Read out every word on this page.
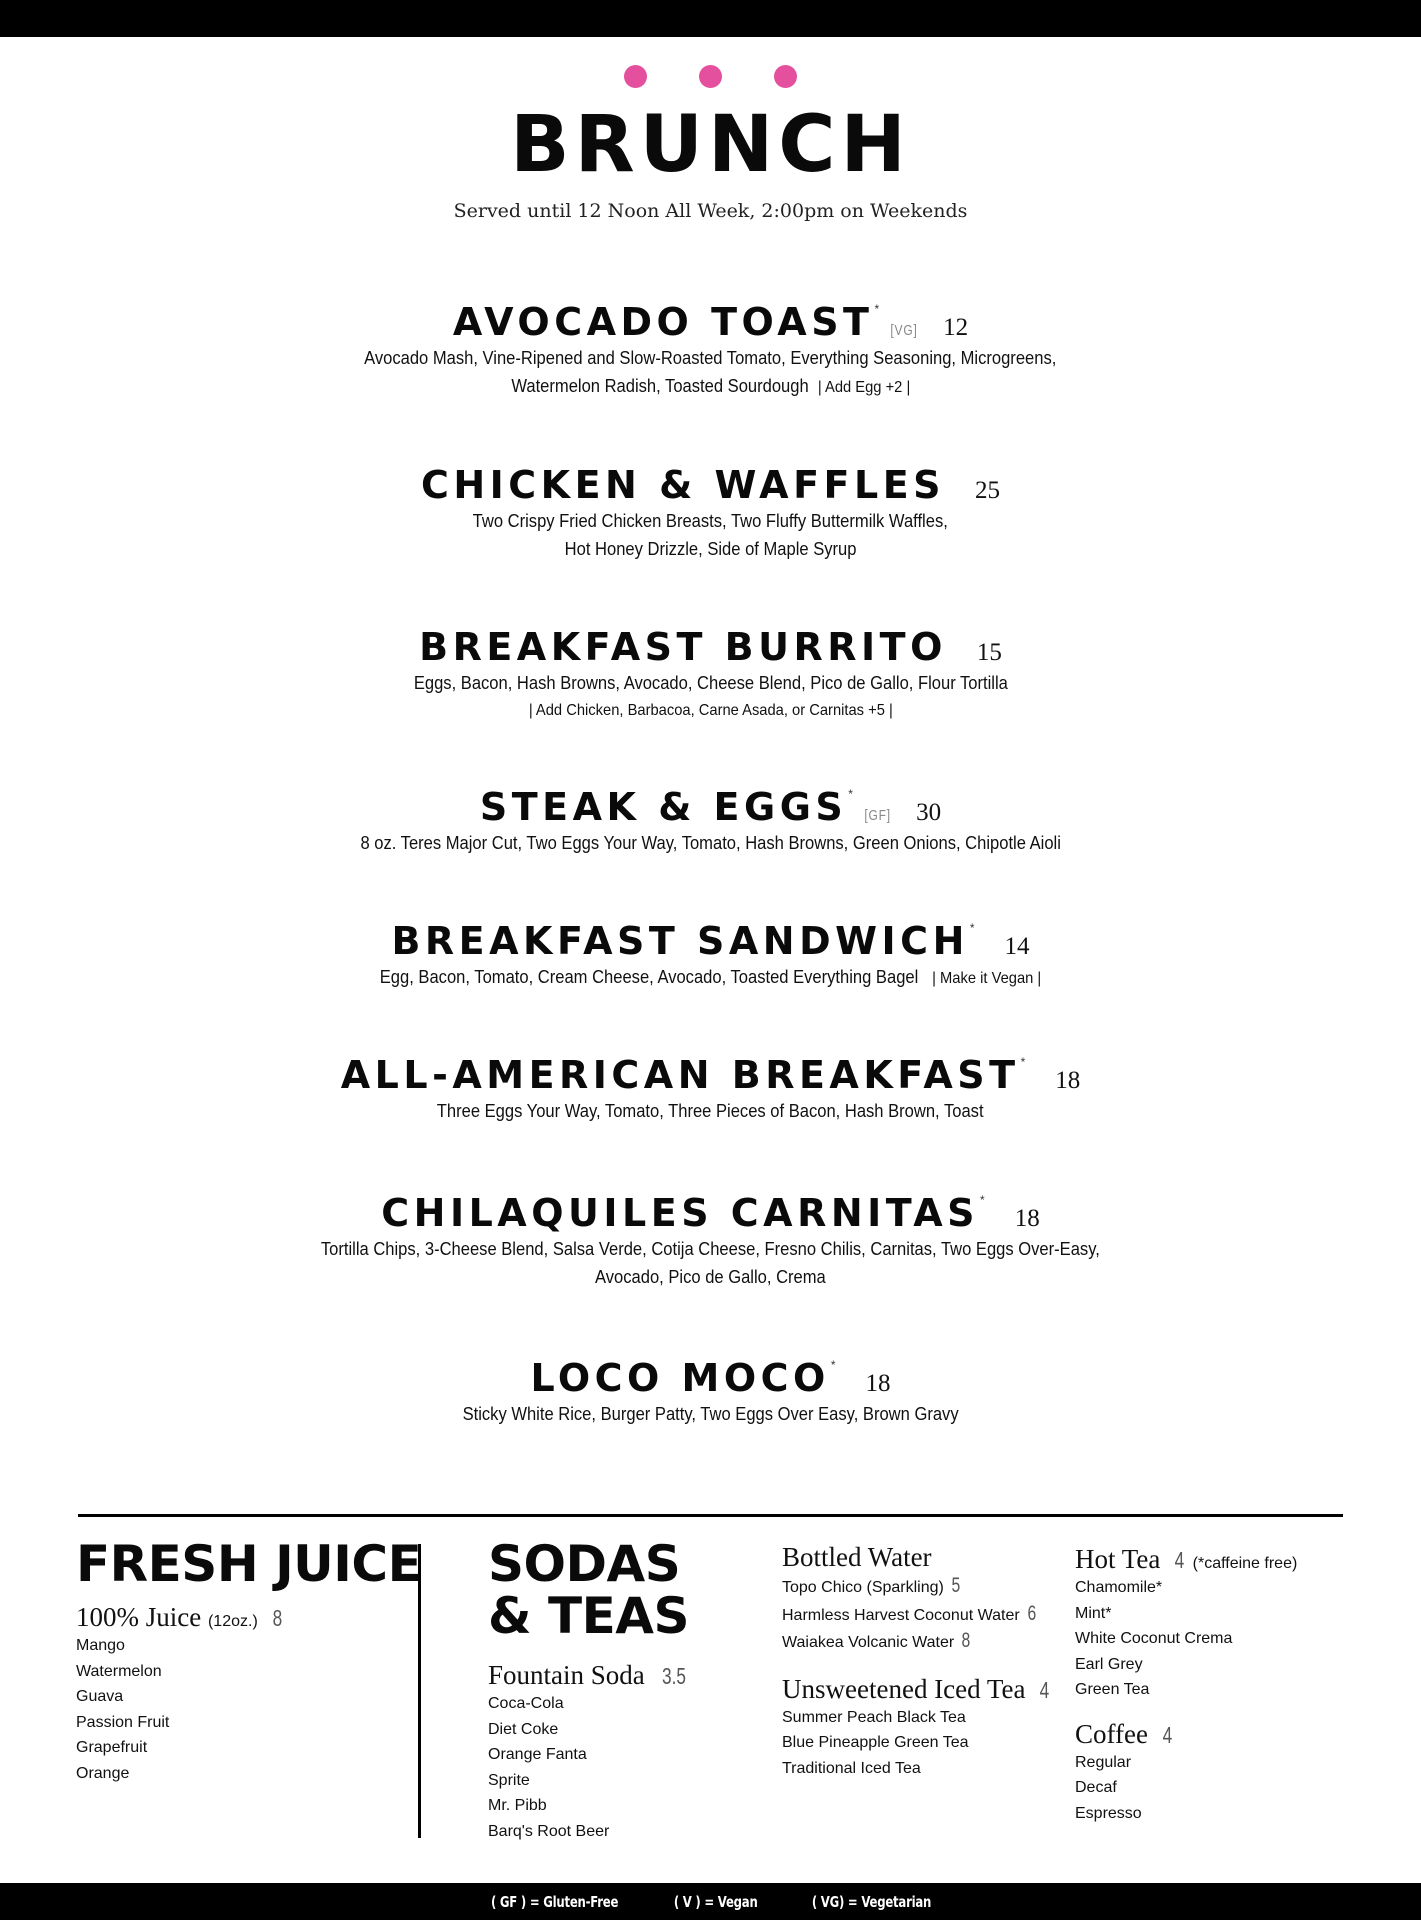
BRUNCH
Served until 12 Noon All Week, 2:00pm on Weekends
AVOCADO TOAST *
[VG] 12
Avocado Mash, Vine-Ripened and Slow-Roasted Tomato, Everything Seasoning, Microgreens,
Watermelon Radish, Toasted Sourdough | Add Egg +2 |
CHICKEN & WAFFLES 25
Two Crispy Fried Chicken Breasts, Two Fluffy Buttermilk Waffles,
Hot Honey Drizzle, Side of Maple Syrup
BREAKFAST BURRITO 15
Eggs, Bacon, Hash Browns, Avocado, Cheese Blend, Pico de Gallo, Flour Tortilla
| Add Chicken, Barbacoa, Carne Asada, or Carnitas +5 |
STEAK & EGGS *
[GF] 30
8 oz. Teres Major Cut, Two Eggs Your Way, Tomato, Hash Browns, Green Onions, Chipotle Aioli
BREAKFAST SANDWICH *
14
Egg, Bacon, Tomato, Cream Cheese, Avocado, Toasted Everything Bagel | Make it Vegan |
ALL-AMERICAN BREAKFAST *
18
Three Eggs Your Way, Tomato, Three Pieces of Bacon, Hash Brown, Toast
CHILAQUILES CARNITAS *
18
Tortilla Chips, 3-Cheese Blend, Salsa Verde, Cotija Cheese, Fresno Chilis, Carnitas, Two Eggs Over-Easy,
Avocado, Pico de Gallo, Crema
LOCO MOCO *
18
Sticky White Rice, Burger Patty, Two Eggs Over Easy, Brown Gravy
FRESH JUICE
100% Juice (12oz.) 8
Mango
Watermelon
Guava
Passion Fruit
Grapefruit
Orange
SODAS
& TEAS
Fountain Soda 3.5
Coca-Cola
Diet Coke
Orange Fanta
Sprite
Mr. Pibb
Barq's Root Beer
Bottled Water
Topo Chico (Sparkling) 5
Harmless Harvest Coconut Water 6
Waiakea Volcanic Water 8
Unsweetened Iced Tea 4
Summer Peach Black Tea
Blue Pineapple Green Tea
Traditional Iced Tea
Hot Tea 4 (*caffeine free)
Chamomile*
Mint*
White Coconut Crema
Earl Grey
Green Tea
Coffee 4
Regular
Decaf
Espresso
( GF ) = Gluten-Free	( V ) = Vegan	( VG) = Vegetarian
